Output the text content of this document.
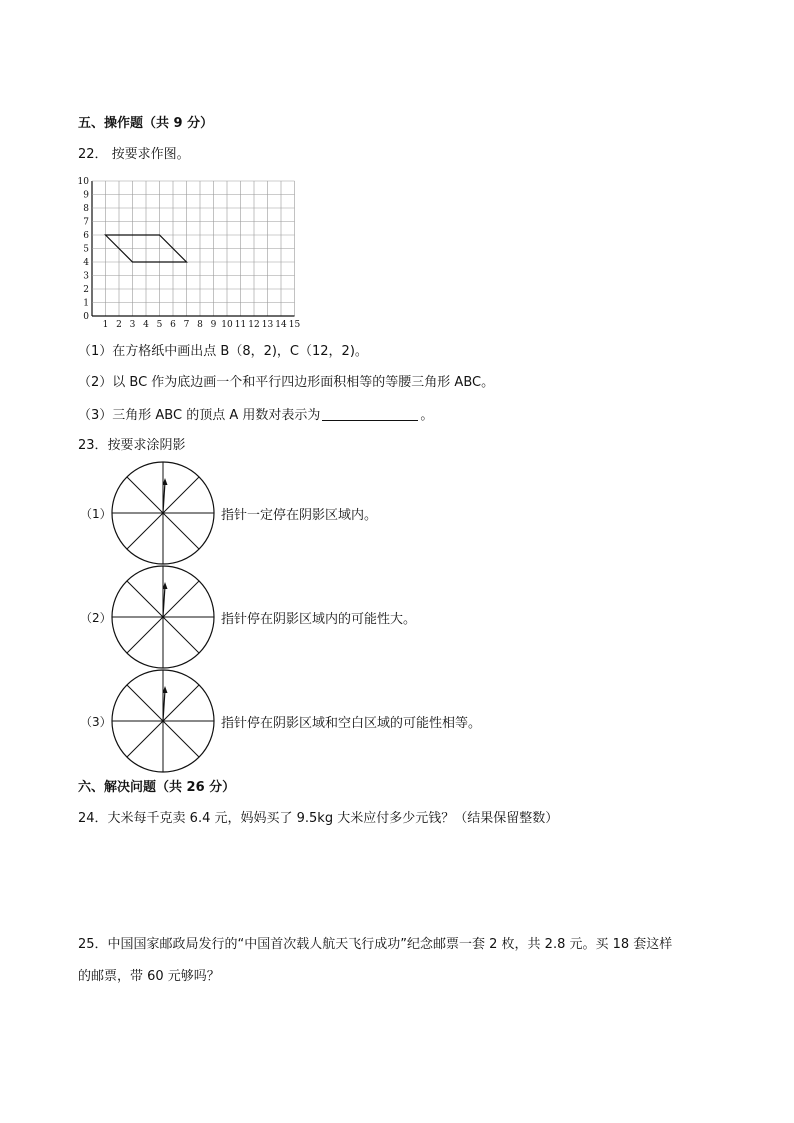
五、操作题（共 9 分）
22． 按要求作图。
1 2 3 4 5 6 7 8 9 10 11 12 13 14 15
0
1
2
3
4
5
6
7
8
9
10
（1）在方格纸中画出点 B（8，2)，C（12，2)。
（2）以 BC 作为底边画一个和平行四边形面积相等的等腰三角形 ABC。
（3）三角形 ABC 的顶点 A 用数对表示为	。
23．按要求涂阴影
（1）	指针一定停在阴影区域内。
（2）	指针停在阴影区域内的可能性大。
（3）	指针停在阴影区域和空白区域的可能性相等。
六、解决问题（共 26 分）
24．大米每千克卖 6.4 元，妈妈买了 9.5kg 大米应付多少元钱？（结果保留整数）
25．中国国家邮政局发行的“中国首次载人航天飞行成功”纪念邮票一套 2 枚，共 2.8 元。买 18 套这样
的邮票，带 60 元够吗？
